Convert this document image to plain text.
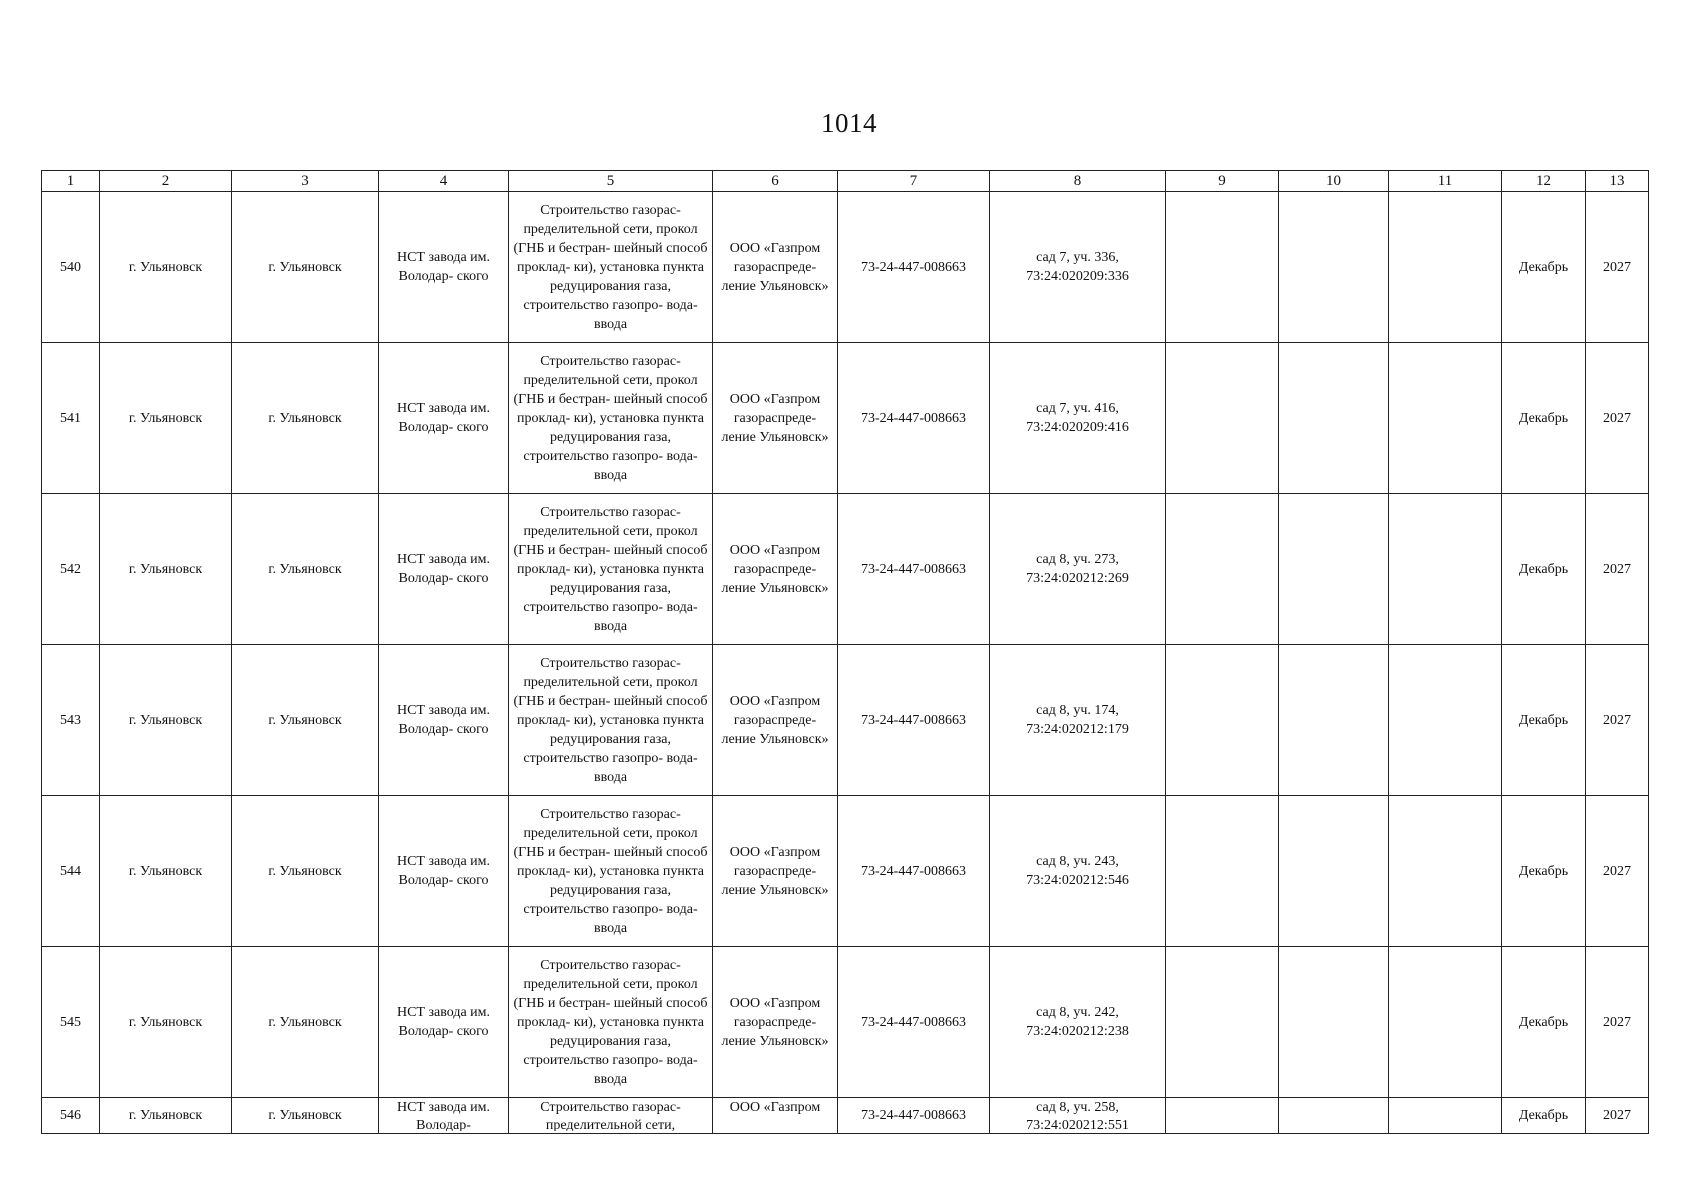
1014
1	2	3	4	5	6	7	8	9	10	11	12	13
540	г. Ульяновск	г. Ульяновск	НСТ завода им. Володар- ского	Строительство газорас- пределительной сети, прокол (ГНБ и бестран- шейный способ проклад- ки), установка пункта редуцирования газа, строительство газопро- вода-ввода	ООО «Газпром газораспреде- ление Ульяновск»	73-24-447-008663	сад 7, уч. 336, 73:24:020209:336				Декабрь	2027
541	г. Ульяновск	г. Ульяновск	НСТ завода им. Володар- ского	Строительство газорас- пределительной сети, прокол (ГНБ и бестран- шейный способ проклад- ки), установка пункта редуцирования газа, строительство газопро- вода-ввода	ООО «Газпром газораспреде- ление Ульяновск»	73-24-447-008663	сад 7, уч. 416, 73:24:020209:416				Декабрь	2027
542	г. Ульяновск	г. Ульяновск	НСТ завода им. Володар- ского	Строительство газорас- пределительной сети, прокол (ГНБ и бестран- шейный способ проклад- ки), установка пункта редуцирования газа, строительство газопро- вода-ввода	ООО «Газпром газораспреде- ление Ульяновск»	73-24-447-008663	сад 8, уч. 273, 73:24:020212:269				Декабрь	2027
543	г. Ульяновск	г. Ульяновск	НСТ завода им. Володар- ского	Строительство газорас- пределительной сети, прокол (ГНБ и бестран- шейный способ проклад- ки), установка пункта редуцирования газа, строительство газопро- вода-ввода	ООО «Газпром газораспреде- ление Ульяновск»	73-24-447-008663	сад 8, уч. 174, 73:24:020212:179				Декабрь	2027
544	г. Ульяновск	г. Ульяновск	НСТ завода им. Володар- ского	Строительство газорас- пределительной сети, прокол (ГНБ и бестран- шейный способ проклад- ки), установка пункта редуцирования газа, строительство газопро- вода-ввода	ООО «Газпром газораспреде- ление Ульяновск»	73-24-447-008663	сад 8, уч. 243, 73:24:020212:546				Декабрь	2027
545	г. Ульяновск	г. Ульяновск	НСТ завода им. Володар- ского	Строительство газорас- пределительной сети, прокол (ГНБ и бестран- шейный способ проклад- ки), установка пункта редуцирования газа, строительство газопро- вода-ввода	ООО «Газпром газораспреде- ление Ульяновск»	73-24-447-008663	сад 8, уч. 242, 73:24:020212:238				Декабрь	2027
546	г. Ульяновск	г. Ульяновск	НСТ завода им. Володар-	Строительство газорас- пределительной сети,	ООО «Газпром	73-24-447-008663	сад 8, уч. 258, 73:24:020212:551				Декабрь	2027
